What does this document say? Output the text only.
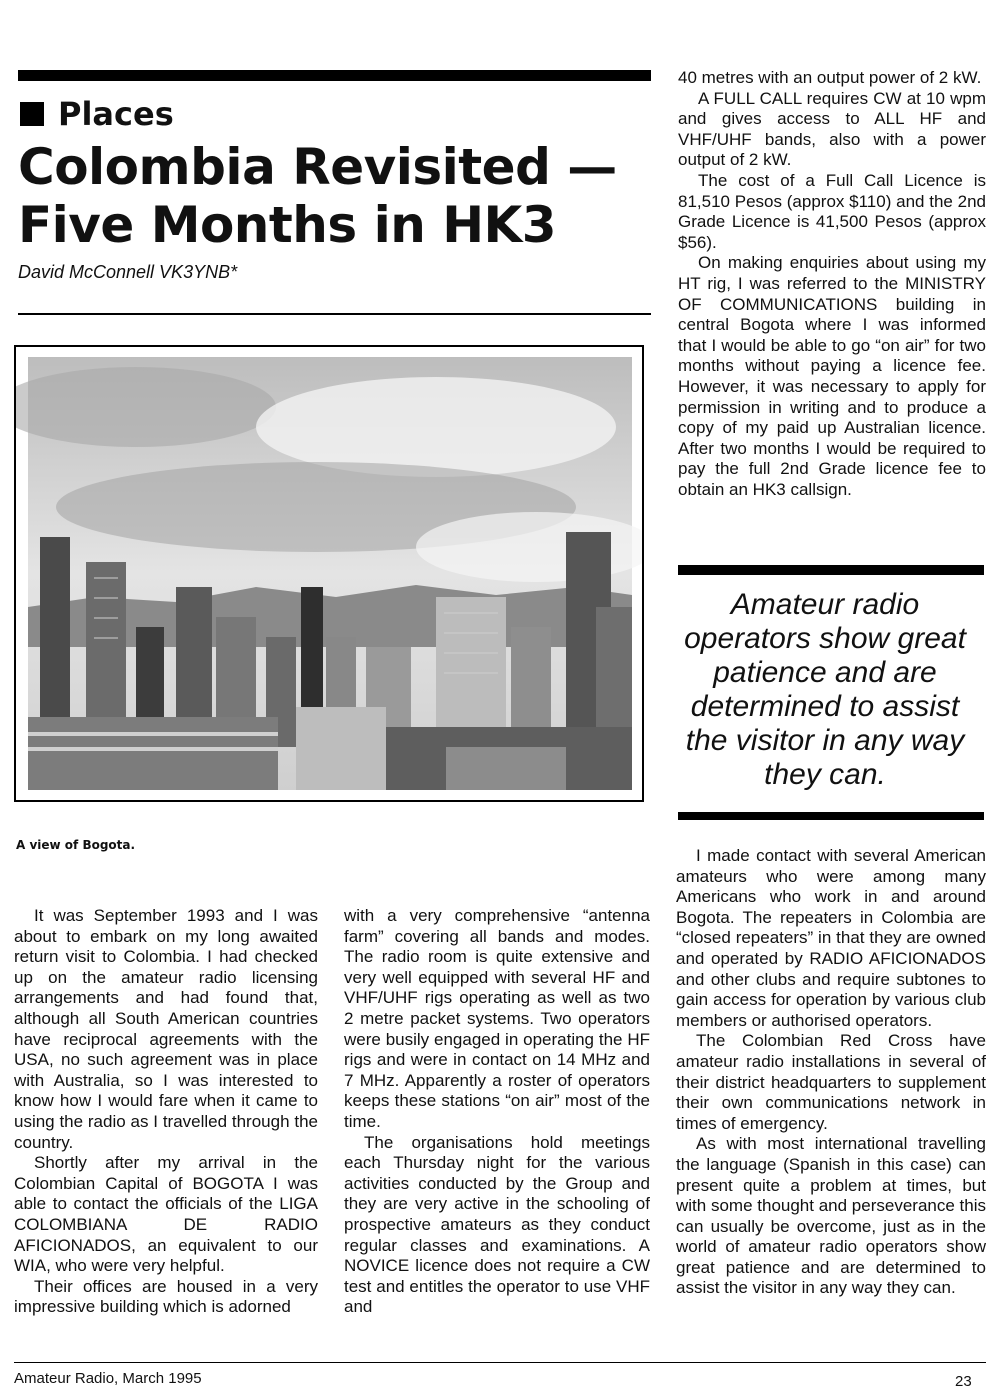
Places
Colombia Revisited —
Five Months in HK3
David McConnell VK3YNB*
A view of Bogota.

It was September 1993 and I was about to embark on my long awaited return visit to Colombia. I had checked up on the amateur radio licensing arrangements and had found that, although all South American countries have reciprocal agreements with the USA, no such agreement was in place with Australia, so I was interested to know how I would fare when it came to using the radio as I travelled through the country.

Shortly after my arrival in the Colombian Capital of BOGOTA I was able to contact the officials of the LIGA COLOMBIANA DE RADIO AFICIONADOS, an equivalent to our WIA, who were very helpful.

Their offices are housed in a very impressive building which is adorned

with a very comprehensive “antenna farm” covering all bands and modes. The radio room is quite extensive and very well equipped with several HF and VHF/UHF rigs operating as well as two 2 metre packet systems. Two operators were busily engaged in operating the HF rigs and were in contact on 14 MHz and 7 MHz. Apparently a roster of operators keeps these stations “on air” most of the time.

The organisations hold meetings each Thursday night for the various activities conducted by the Group and they are very active in the schooling of prospective amateurs as they conduct regular classes and examinations. A NOVICE licence does not require a CW test and entitles the operator to use VHF and

40 metres with an output power of 2 kW.

A FULL CALL requires CW at 10 wpm and gives access to ALL HF and VHF/UHF bands, also with a power output of 2 kW.

The cost of a Full Call Licence is 81,510 Pesos (approx $110) and the 2nd Grade Licence is 41,500 Pesos (approx $56).

On making enquiries about using my HT rig, I was referred to the MINISTRY OF COMMUNICATIONS building in central Bogota where I was informed that I would be able to go “on air” for two months without paying a licence fee. However, it was necessary to apply for permission in writing and to produce a copy of my paid up Australian licence. After two months I would be required to pay the full 2nd Grade licence fee to obtain an HK3 callsign.

Amateur radio operators show great patience and are determined to assist the visitor in any way they can.

I made contact with several American amateurs who were among many Americans who work in and around Bogota. The repeaters in Colombia are “closed repeaters” in that they are owned and operated by RADIO AFICIONADOS and other clubs and require subtones to gain access for operation by various club members or authorised operators.

The Colombian Red Cross have amateur radio installations in several of their district headquarters to supplement their own communications network in times of emergency.

As with most international travelling the language (Spanish in this case) can present quite a problem at times, but with some thought and perseverance this can usually be overcome, just as in the world of amateur radio operators show great patience and are determined to assist the visitor in any way they can.

Amateur Radio, March 1995	23
